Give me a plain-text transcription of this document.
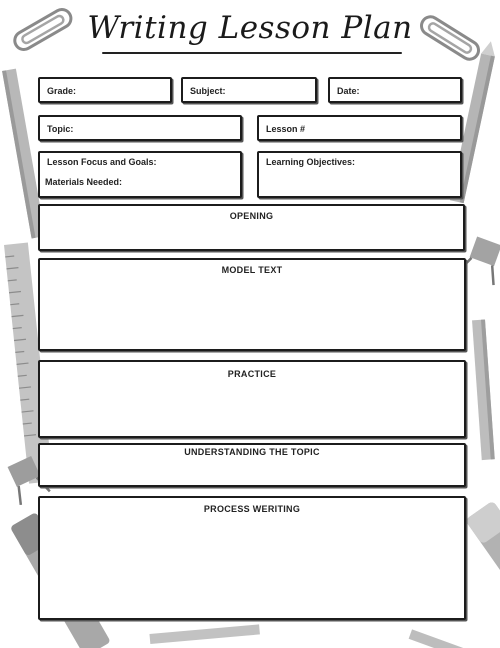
Writing Lesson Plan
Grade:	Subject:	Date:
Topic:	Lesson #
Lesson Focus and Goals:
Materials Needed:
Learning Objectives:
OPENING
MODEL TEXT
PRACTICE
UNDERSTANDING THE TOPIC
PROCESS WERITING
